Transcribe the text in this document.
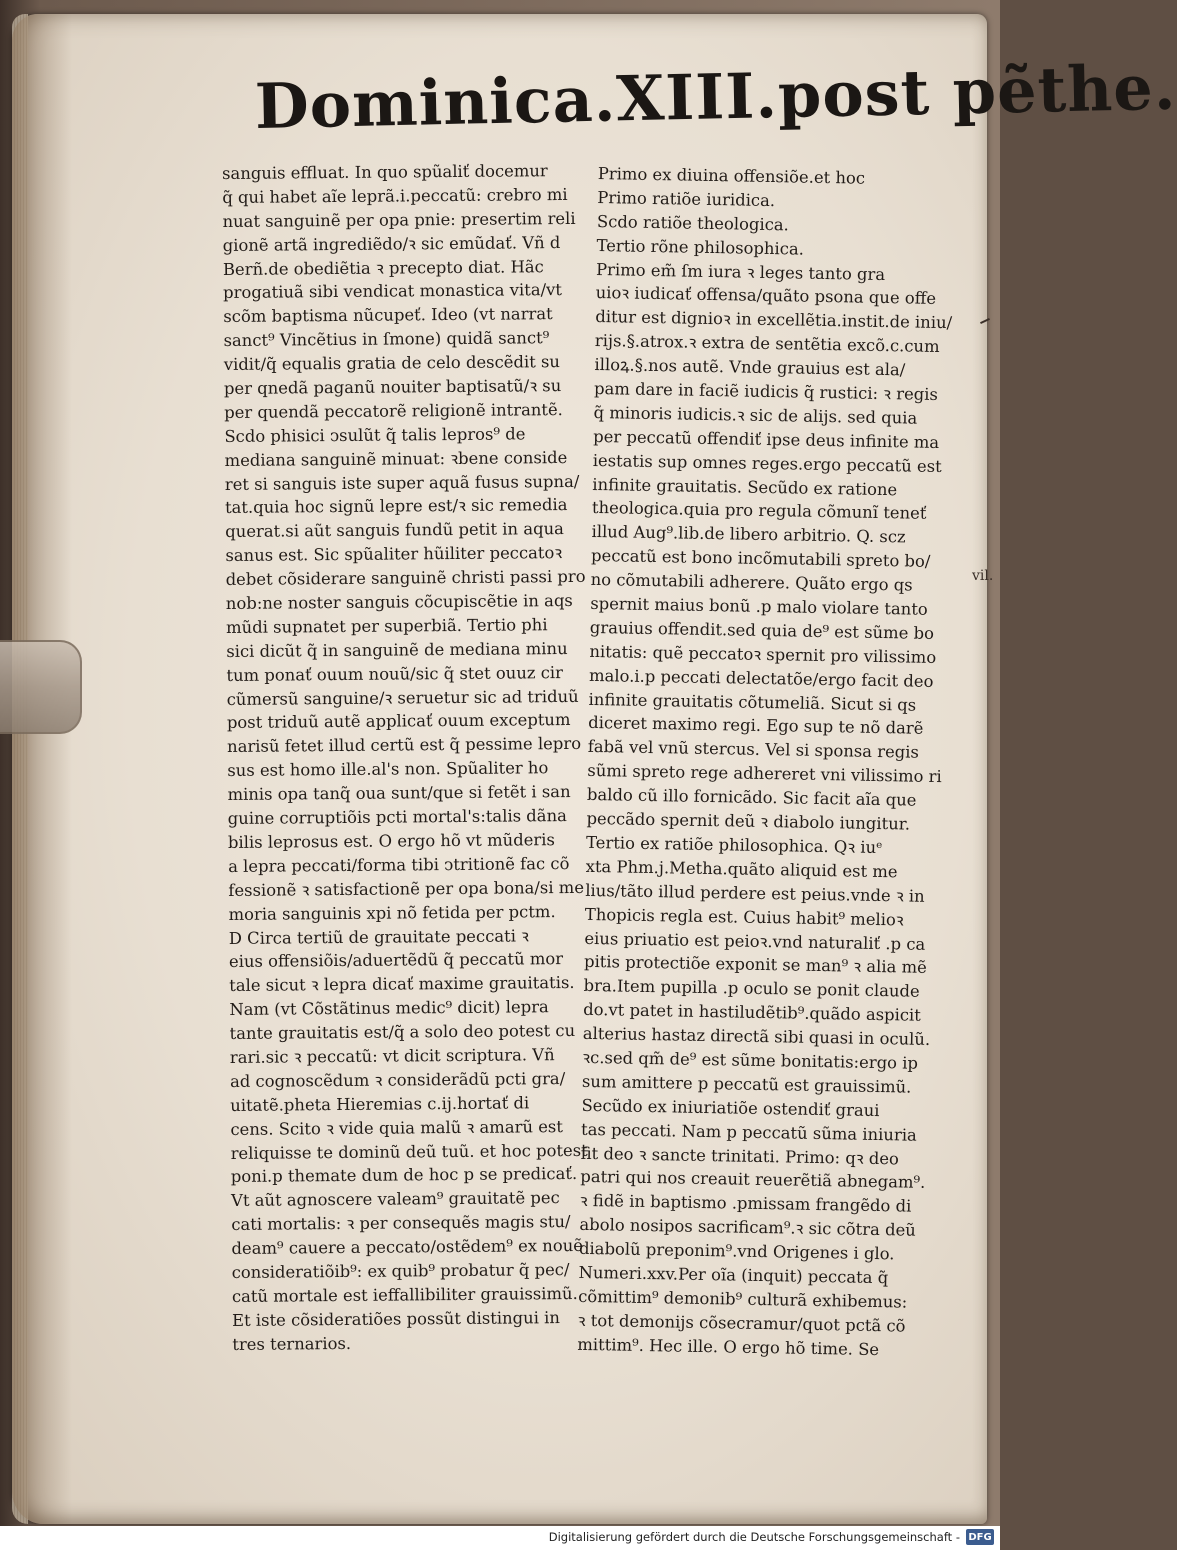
Dominica.XIII.post pẽthe.
sanguis effluat. In quo spũaliť docemur
q̃ qui habet aĩe leprã.i.peccatũ: crebro mi
nuat sanguinẽ per opa pnie: presertim reli
gionẽ artã ingrediẽdo/ꝛ sic emũdať. Vñ d
Berñ.de obediẽtia ꝛ precepto diat. Hãc
progatiuã sibi vendicat monastica vita/vt
scõm baptisma nũcupeť. Ideo (vt narrat
sanct⁹ Vincẽtius in ſmone) quidã sanct⁹
vidit/q̃ equalis gratia de celo descẽdit su
per qnedã paganũ nouiter baptisatũ/ꝛ su
per quendã peccatorẽ religionẽ intrantẽ.
Scdo phisici ↄsulũt q̃ talis lepros⁹ de
mediana sanguinẽ minuat: ꝛbene conside
ret si sanguis iste super aquã fusus supna/
tat.quia hoc signũ lepre est/ꝛ sic remedia
querat.si aũt sanguis fundũ petit in aqua
sanus est. Sic spũaliter hũiliter peccatoꝛ
debet cõsiderare sanguinẽ christi passi pro
nob:ne noster sanguis cõcupiscẽtie in aqs
mũdi supnatet per superbiã. Tertio phi
sici dicũt q̃ in sanguinẽ de mediana minu
tum ponať ouum nouũ/sic q̃ stet ouuz cir
cũmersũ sanguine/ꝛ seruetur sic ad triduũ
post triduũ autẽ applicať ouum exceptum
narisũ fetet illud certũ est q̃ pessime lepro
sus est homo ille.al's non. Spũaliter ho
minis opa tanq̃ oua sunt/que si fetẽt i san
guine corruptiõis pcti mortal's:talis dãna
bilis leprosus est. O ergo hõ vt mũderis
a lepra peccati/forma tibi ↄtritionẽ fac cõ
fessionẽ ꝛ satisfactionẽ per opa bona/si me
moria sanguinis xpi nõ fetida per pctm.
D Circa tertiũ de grauitate peccati ꝛ
eius offensiõis/aduertẽdũ q̃ peccatũ mor
tale sicut ꝛ lepra dicať maxime grauitatis.
Nam (vt Cõstãtinus medic⁹ dicit) lepra
tante grauitatis est/q̃ a solo deo potest cu
rari.sic ꝛ peccatũ: vt dicit scriptura. Vñ
ad cognoscẽdum ꝛ considerãdũ pcti gra/
uitatẽ.pheta Hieremias c.ij.hortať di
cens. Scito ꝛ vide quia malũ ꝛ amarũ est
reliquisse te dominũ deũ tuũ. et hoc potest
poni.p themate dum de hoc p se predicať.
Vt aũt agnoscere valeam⁹ grauitatẽ pec
cati mortalis: ꝛ per consequẽs magis stu/
deam⁹ cauere a peccato/ostẽdem⁹ ex nouẽ
consideratiõib⁹: ex quib⁹ probatur q̃ pec/
catũ mortale est ieffallibiliter grauissimũ.
Et iste cõsideratiões possũt distingui in
tres ternarios.
Primo ex diuina offensiõe.et hoc
Primo ratiõe iuridica.
Scdo ratiõe theologica.
Tertio rõne philosophica.
Primo em̃ ſm iura ꝛ leges tanto gra
uioꝛ iudicať offensa/quãto psona que offe
ditur est dignioꝛ in excellẽtia.instit.de iniu/
rijs.§.atrox.ꝛ extra de sentẽtia excõ.c.cum
illoꝝ.§.nos autẽ. Vnde grauius est ala/
pam dare in faciẽ iudicis q̃ rustici: ꝛ regis
q̃ minoris iudicis.ꝛ sic de alijs. sed quia
per peccatũ offendiť ipse deus infinite ma
iestatis sup omnes reges.ergo peccatũ est
infinite grauitatis. Secũdo ex ratione
theologica.quia pro regula cõmunĩ teneť
illud Aug⁹.lib.de libero arbitrio. Q. scz
peccatũ est bono incõmutabili spreto bo/
no cõmutabili adherere. Quãto ergo qs
spernit maius bonũ .p malo violare tanto
grauius offendit.sed quia de⁹ est sũme bo
nitatis: quẽ peccatoꝛ spernit pro vilissimo
malo.i.p peccati delectatõe/ergo facit deo
infinite grauitatis cõtumeliã. Sicut si qs
diceret maximo regi. Ego sup te nõ darẽ
fabã vel vnũ stercus. Vel si sponsa regis
sũmi spreto rege adhereret vni vilissimo ri
baldo cũ illo fornicãdo. Sic facit aĩa que
peccãdo spernit deũ ꝛ diabolo iungitur.
Tertio ex ratiõe philosophica. Qꝛ iuᵉ
xta Phm.j.Metha.quãto aliquid est me
lius/tãto illud perdere est peius.vnde ꝛ in
Thopicis regla est. Cuius habit⁹ melioꝛ
eius priuatio est peioꝛ.vnd naturaliť .p ca
pitis protectiõe exponit se man⁹ ꝛ alia mẽ
bra.Item pupilla .p oculo se ponit claude
do.vt patet in hastiludẽtib⁹.quãdo aspicit
alterius hastaz directã sibi quasi in oculũ.
ꝛc.sed qm̃ de⁹ est sũme bonitatis:ergo ip
sum amittere p peccatũ est grauissimũ.
Secũdo ex iniuriatiõe ostendiť graui
tas peccati. Nam p peccatũ sũma iniuria
fit deo ꝛ sancte trinitati. Primo: qꝛ deo
patri qui nos creauit reuerẽtiã abnegam⁹.
ꝛ fidẽ in baptismo .pmissam frangẽdo di
abolo nosipos sacrificam⁹.ꝛ sic cõtra deũ
diabolũ preponim⁹.vnd Origenes i glo.
Numeri.xxv.Per oĩa (inquit) peccata q̃
cõmittim⁹ demonib⁹ culturã exhibemus:
ꝛ tot demonijs cõsecramur/quot pctã cõ
mittim⁹. Hec ille. O ergo hõ time. Se
vil.
Digitalisierung gefördert durch die Deutsche Forschungsgemeinschaft - DFG
